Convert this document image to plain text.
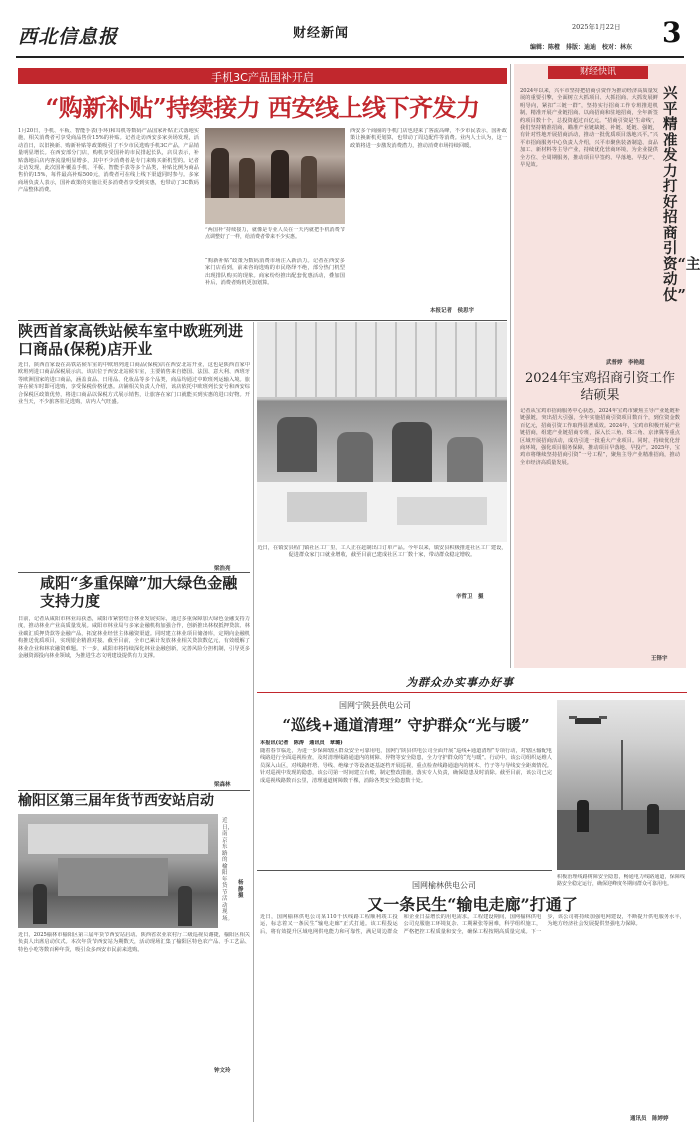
西北信息报	财经新闻	2025年1月22日 3
编辑：陈橙　排版：迪迪　校对：林东
手机3C产品国补开启
“购新补贴”持续接力 西安线上线下齐发力
1月20日，手机、平板、智能手表(手环)和耳机等数码产品国家补贴正式落地实施，相关消费者可享受商品售价15%的补贴。记者走访西安多家卖场发现，活动首日，以旧换新、购新补贴等政策吸引了不少市民选购手机3C产品，产品销量明显增长。在西安部分门店，购机享受国补的市民排起长队，店员表示，补贴落地后店内客流量明显增多，其中不少消费者是专门来购买新机型的。记者走访发现，此次国补覆盖手机、平板、智能手表等多个品类，补贴比例为商品售价的15%，每件最高补贴500元，消费者可在线上线下渠道同时参与。多家商场负责人表示，国补政策的实施让更多消费者享受到实惠，也带动了3C数码产品整体消费。
“两国补”持续接力，就像是专业人员在一天内就把手机消费节点调整好了一样，给消费者带来不少实惠。
“购新补贴”政策为数码消费市场注入新活力。记者在西安多家门店看到，前来咨询选购的市民络绎不绝，部分热门机型出现排队购买的现象。商家纷纷推出配套优惠活动，叠加国补后，消费者购机更加划算。
西安多个商圈的手机门店也迎来了客流高峰，不少市民表示，国补政策让换新机更划算，也带动了周边配件等消费。业内人士认为，这一政策将进一步激发消费潜力，推动消费市场持续回暖。
本报记者　侯思宇
陕西首家高铁站候车室中欧班列进口商品(保税)店开业
近日，陕西首家设在高铁站候车室的中欧班列进口商品(保税)店在西安北站开业，这也是陕西首家中欧班列进口商品保税展示店。该店位于西安北站候车室，主要销售来自德国、法国、意大利、西班牙等欧洲国家的进口商品，涵盖食品、日用品、化妆品等多个品类，商品均通过中欧班列运输入境。旅客在候车时即可选购，享受保税价格优惠。店铺相关负责人介绍，该店依托中欧班列长安号和西安综合保税区政策优势，将进口商品以保税方式展示销售，让旅客在家门口就能买到实惠的进口好物。开业当天，不少旅客驻足选购，店内人气旺盛。
梁浩亮
近日，在镇安县程门镇社区工厂里，工人正在赶制出口订单产品。今年以来，镇安县积极推进社区工厂建设，促进群众家门口就业增收，截至目前已建成社区工厂数十家，带动群众稳定增收。
辛哲卫　摄
咸阳“多重保障”加大绿色金融支持力度
日前，记者从咸阳市林业局获悉，咸阳市紧密结合林业发展实际，通过多重保障加大绿色金融支持力度，推动林业产业高质量发展。咸阳市林业局与多家金融机构加强合作，创新推出林权抵押贷款、林业碳汇质押贷款等金融产品，拓宽林业经营主体融资渠道。同时建立林业项目储备库，定期向金融机构推送优质项目，实现银企精准对接。截至目前，全市已累计发放林业相关贷款数亿元，有效缓解了林业企业和林农融资难题。下一步，咸阳市将持续深化林业金融创新，完善风险分担机制，引导更多金融资源投向林业领域，为推进生态文明建设提供有力支撑。
梁森林
榆阳区第三届年货节西安站启动
近日，南京东路的榆阳年货节活动现场。
杨静　摄
近日，2025榆林市榆阳区第三届年货节西安站启动。陕西省农业农村厅二级巡视员谢捷，榆阳区相关负责人出席启动仪式。本次年货节西安站为期数天，活动现场汇集了榆阳区特色农产品、手工艺品、特色小吃等数百种年货，吸引众多西安市民前来选购。
钟文玲
财经快讯
2024年以来，兴平市坚持把招商引资作为推动经济高质量发展的重要引擎，全面树立大抓项目、大抓招商、大抓发展鲜明导向，紧扣“三链一群”，坚持实行招商工作专班推进机制，精准开展产业链招商、以商招商和驻地招商，全年新签约项目数十个，总投资超过百亿元。“招商引资是‘生命线’，我们坚持精准招商，瞄准产业链缺链、补链、延链、强链，有针对性地开展招商活动，推动一批优质项目落地兴平。”兴平市招商服务中心负责人介绍，兴平市聚焦装备制造、食品加工、新材料等主导产业，持续优化营商环境，为企业提供全方位、全周期服务，推动项目早签约、早落地、早投产、早见效。
兴平精准发力打好招商引资“主动仗”
武普婷　李艳超
2024年宝鸡招商引资工作结硕果
记者从宝鸡市招商服务中心获悉，2024年宝鸡市聚焦主导产业延链补链强链，突出招大引强，全年实施招商引资项目数百个，到位资金数百亿元，招商引资工作取得显著成效。2024年，宝鸡市积极开展产业链招商，组建产业链招商专班，深入长三角、珠三角、京津冀等重点区域开展招商活动，成功引进一批重大产业项目。同时，持续优化营商环境，强化项目服务保障，推动项目早落地、早投产。2025年，宝鸡市将继续坚持招商引资“一号工程”，聚焦主导产业精准招商，推动全市经济高质量发展。
王铎宇
为群众办实事办好事
国网宁陕县供电公司
“巡线+通道清理” 守护群众“光与暖”
本报讯(记者　陈涛　通讯员　章璐)
随着春节临近，为进一步保障辖区群众安全可靠用电，国网宁陕县供电公司全面开展“巡线+通道清理”专项行动，对辖区输配电线路进行全面巡视检查，及时清理线路通道内的树障、异物等安全隐患，全力守护群众的“光与暖”。行动中，该公司组织运维人员深入山区，对线路杆塔、导线、绝缘子等设备逐基逐档开展巡视，重点检查线路通道内的树木、竹子等与导线安全距离情况。针对巡视中发现的隐患，该公司第一时间建立台账，制定整改措施，落实专人负责，确保隐患及时消除。截至目前，该公司已完成巡视线路数百公里，清理通道树障数千棵，消除各类安全隐患数十处。
积极治理线路树障安全隐患，畅通电力线路通道，保障线路安全稳定运行，确保迎峰度冬期间群众可靠用电。
国网榆林供电公司
又一条民生“输电走廊”打通了
近日，国网榆林供电公司某110千伏线路工程顺利竣工投运，标志着又一条民生“输电走廊”正式打通。该工程投运后，将有效提升区域电网供电能力和可靠性，满足周边群众和企业日益增长的用电需求。工程建设期间，国网榆林供电公司克服施工环境复杂、工期紧张等困难，科学组织施工，严格把控工程质量和安全，确保工程按期高质量完成。下一步，该公司将持续加强电网建设，不断提升供电服务水平，为地方经济社会发展提供坚强电力保障。
通讯员　陈婷婷
